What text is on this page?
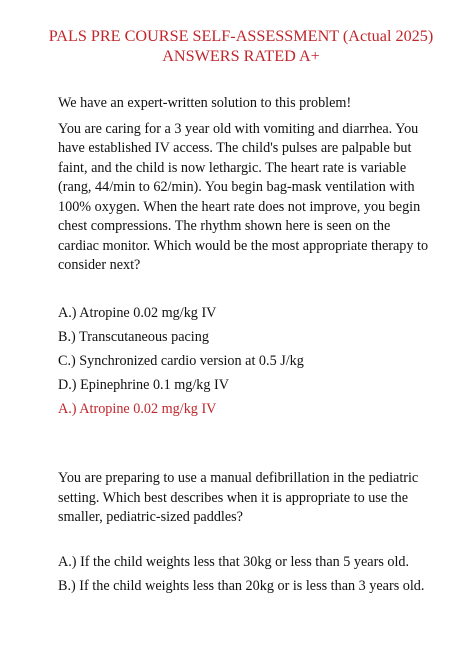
PALS PRE COURSE SELF-ASSESSMENT (Actual 2025) ANSWERS RATED A+

We have an expert-written solution to this problem!

You are caring for a 3 year old with vomiting and diarrhea. You have established IV access. The child's pulses are palpable but faint, and the child is now lethargic. The heart rate is variable (rang, 44/min to 62/min). You begin bag-mask ventilation with 100% oxygen. When the heart rate does not improve, you begin chest compressions. The rhythm shown here is seen on the cardiac monitor. Which would be the most appropriate therapy to consider next?

A.) Atropine 0.02 mg/kg IV

B.) Transcutaneous pacing

C.) Synchronized cardio version at 0.5 J/kg

D.) Epinephrine 0.1 mg/kg IV

A.) Atropine 0.02 mg/kg IV

You are preparing to use a manual defibrillation in the pediatric setting. Which best describes when it is appropriate to use the smaller, pediatric-sized paddles?

A.) If the child weights less that 30kg or less than 5 years old.

B.) If the child weights less than 20kg or is less than 3 years old.
